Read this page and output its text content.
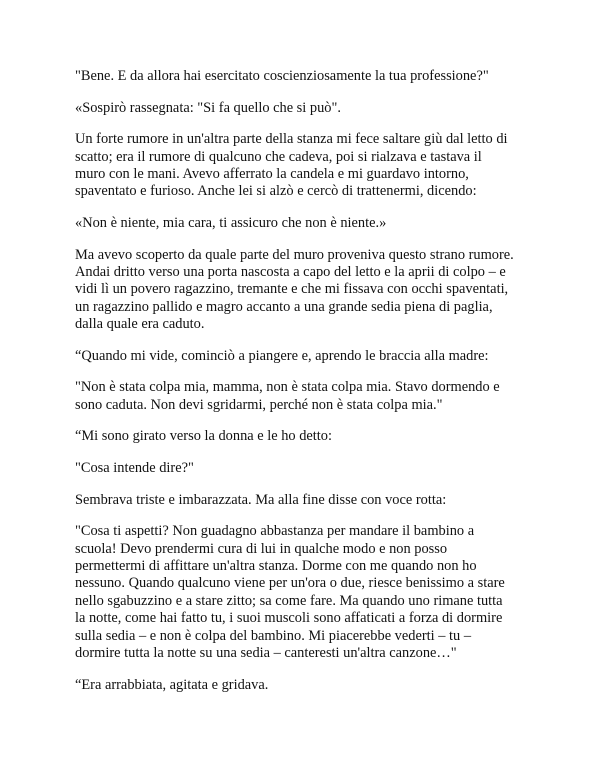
"Bene. E da allora hai esercitato coscienziosamente la tua professione?"

«Sospirò rassegnata: "Si fa quello che si può".

Un forte rumore in un'altra parte della stanza mi fece saltare giù dal letto di
scatto; era il rumore di qualcuno che cadeva, poi si rialzava e tastava il
muro con le mani. Avevo afferrato la candela e mi guardavo intorno,
spaventato e furioso. Anche lei si alzò e cercò di trattenermi, dicendo:

«Non è niente, mia cara, ti assicuro che non è niente.»

Ma avevo scoperto da quale parte del muro proveniva questo strano rumore.
Andai dritto verso una porta nascosta a capo del letto e la aprii di colpo – e
vidi lì un povero ragazzino, tremante e che mi fissava con occhi spaventati,
un ragazzino pallido e magro accanto a una grande sedia piena di paglia,
dalla quale era caduto.

“Quando mi vide, cominciò a piangere e, aprendo le braccia alla madre:

"Non è stata colpa mia, mamma, non è stata colpa mia. Stavo dormendo e
sono caduta. Non devi sgridarmi, perché non è stata colpa mia."

“Mi sono girato verso la donna e le ho detto:

"Cosa intende dire?"

Sembrava triste e imbarazzata. Ma alla fine disse con voce rotta:

"Cosa ti aspetti? Non guadagno abbastanza per mandare il bambino a
scuola! Devo prendermi cura di lui in qualche modo e non posso
permettermi di affittare un'altra stanza. Dorme con me quando non ho
nessuno. Quando qualcuno viene per un'ora o due, riesce benissimo a stare
nello sgabuzzino e a stare zitto; sa come fare. Ma quando uno rimane tutta
la notte, come hai fatto tu, i suoi muscoli sono affaticati a forza di dormire
sulla sedia – e non è colpa del bambino. Mi piacerebbe vederti – tu –
dormire tutta la notte su una sedia – canteresti un'altra canzone…"

“Era arrabbiata, agitata e gridava.
